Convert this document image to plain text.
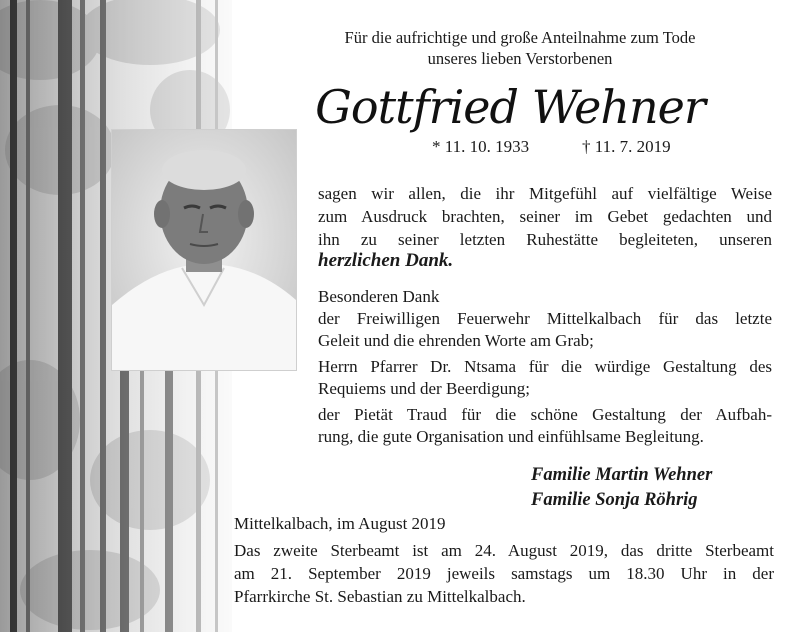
Für die aufrichtige und große Anteilnahme zum Tode
unseres lieben Verstorbenen
Gottfried Wehner
* 11. 10. 1933	† 11. 7. 2019
sagen wir allen, die ihr Mitgefühl auf vielfältige Weise
zum Ausdruck brachten, seiner im Gebet gedachten und
ihn zu seiner letzten Ruhestätte begleiteten, unseren
herzlichen Dank.
Besonderen Dank
der Freiwilligen Feuerwehr Mittelkalbach für das letzte
Geleit und die ehrenden Worte am Grab;
Herrn Pfarrer Dr. Ntsama für die würdige Gestaltung des
Requiems und der Beerdigung;
der Pietät Traud für die schöne Gestaltung der Aufbah-
rung, die gute Organisation und einfühlsame Begleitung.
Familie Martin Wehner
Familie Sonja Röhrig
Mittelkalbach, im August 2019
Das zweite Sterbeamt ist am 24. August 2019, das dritte Sterbeamt
am 21. September 2019 jeweils samstags um 18.30 Uhr in der
Pfarrkirche St. Sebastian zu Mittelkalbach.
